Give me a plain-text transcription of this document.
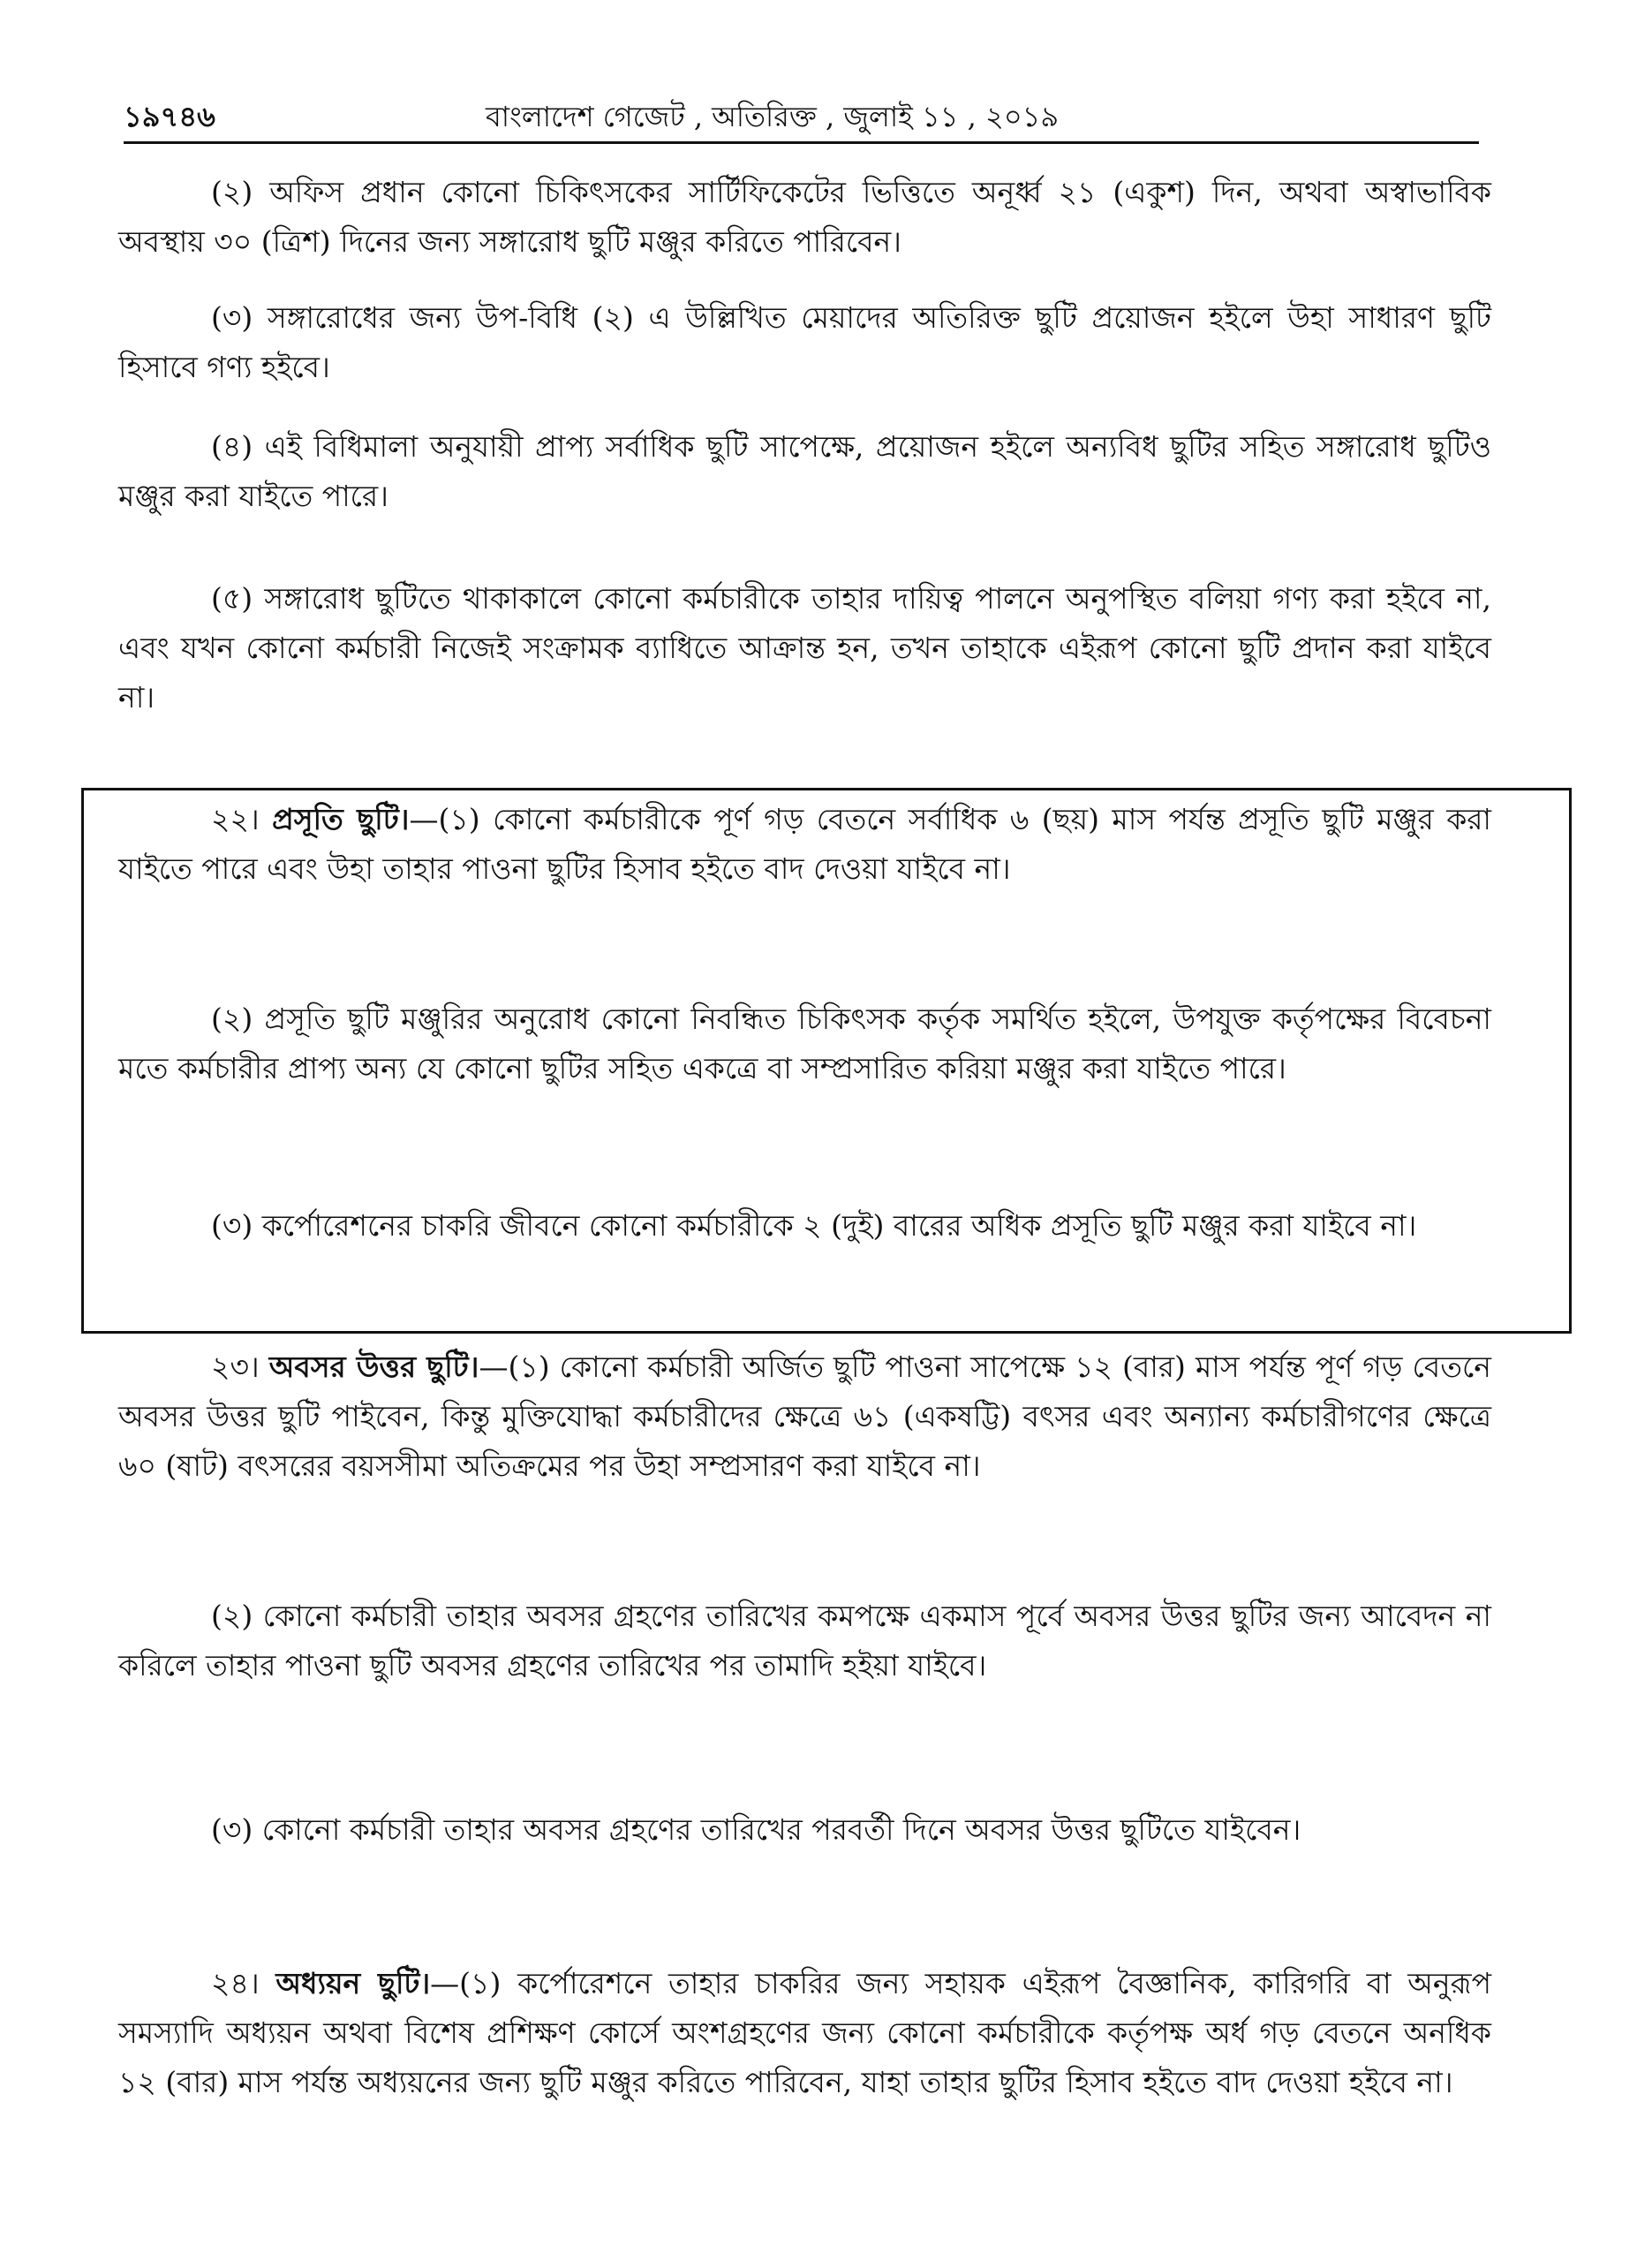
১৯৭৪৬	বাংলাদেশ গেজেট , অতিরিক্ত , জুলাই ১১ , ২০১৯

(২) অফিস প্রধান কোনো চিকিৎসকের সার্টিফিকেটের ভিত্তিতে অনূর্ধ্ব ২১ (একুশ) দিন, অথবা অস্বাভাবিক অবস্থায় ৩০ (ত্রিশ) দিনের জন্য সঙ্গারোধ ছুটি মঞ্জুর করিতে পারিবেন।

(৩) সঙ্গারোধের জন্য উপ-বিধি (২) এ উল্লিখিত মেয়াদের অতিরিক্ত ছুটি প্রয়োজন হইলে উহা সাধারণ ছুটি হিসাবে গণ্য হইবে।

(৪) এই বিধিমালা অনুযায়ী প্রাপ্য সর্বাধিক ছুটি সাপেক্ষে, প্রয়োজন হইলে অন্যবিধ ছুটির সহিত সঙ্গারোধ ছুটিও মঞ্জুর করা যাইতে পারে।

(৫) সঙ্গারোধ ছুটিতে থাকাকালে কোনো কর্মচারীকে তাহার দায়িত্ব পালনে অনুপস্থিত বলিয়া গণ্য করা হইবে না, এবং যখন কোনো কর্মচারী নিজেই সংক্রামক ব্যাধিতে আক্রান্ত হন, তখন তাহাকে এইরূপ কোনো ছুটি প্রদান করা যাইবে না।

২২। প্রসূতি ছুটি।—(১) কোনো কর্মচারীকে পূর্ণ গড় বেতনে সর্বাধিক ৬ (ছয়) মাস পর্যন্ত প্রসূতি ছুটি মঞ্জুর করা যাইতে পারে এবং উহা তাহার পাওনা ছুটির হিসাব হইতে বাদ দেওয়া যাইবে না।

(২) প্রসূতি ছুটি মঞ্জুরির অনুরোধ কোনো নিবন্ধিত চিকিৎসক কর্তৃক সমর্থিত হইলে, উপযুক্ত কর্তৃপক্ষের বিবেচনা মতে কর্মচারীর প্রাপ্য অন্য যে কোনো ছুটির সহিত একত্রে বা সম্প্রসারিত করিয়া মঞ্জুর করা যাইতে পারে।

(৩) কর্পোরেশনের চাকরি জীবনে কোনো কর্মচারীকে ২ (দুই) বারের অধিক প্রসূতি ছুটি মঞ্জুর করা যাইবে না।

২৩। অবসর উত্তর ছুটি।—(১) কোনো কর্মচারী অর্জিত ছুটি পাওনা সাপেক্ষে ১২ (বার) মাস পর্যন্ত পূর্ণ গড় বেতনে অবসর উত্তর ছুটি পাইবেন, কিন্তু মুক্তিযোদ্ধা কর্মচারীদের ক্ষেত্রে ৬১ (একষট্টি) বৎসর এবং অন্যান্য কর্মচারীগণের ক্ষেত্রে ৬০ (ষাট) বৎসরের বয়সসীমা অতিক্রমের পর উহা সম্প্রসারণ করা যাইবে না।

(২) কোনো কর্মচারী তাহার অবসর গ্রহণের তারিখের কমপক্ষে একমাস পূর্বে অবসর উত্তর ছুটির জন্য আবেদন না করিলে তাহার পাওনা ছুটি অবসর গ্রহণের তারিখের পর তামাদি হইয়া যাইবে।

(৩) কোনো কর্মচারী তাহার অবসর গ্রহণের তারিখের পরবর্তী দিনে অবসর উত্তর ছুটিতে যাইবেন।

২৪। অধ্যয়ন ছুটি।—(১) কর্পোরেশনে তাহার চাকরির জন্য সহায়ক এইরূপ বৈজ্ঞানিক, কারিগরি বা অনুরূপ সমস্যাদি অধ্যয়ন অথবা বিশেষ প্রশিক্ষণ কোর্সে অংশগ্রহণের জন্য কোনো কর্মচারীকে কর্তৃপক্ষ অর্ধ গড় বেতনে অনধিক ১২ (বার) মাস পর্যন্ত অধ্যয়নের জন্য ছুটি মঞ্জুর করিতে পারিবেন, যাহা তাহার ছুটির হিসাব হইতে বাদ দেওয়া হইবে না।
